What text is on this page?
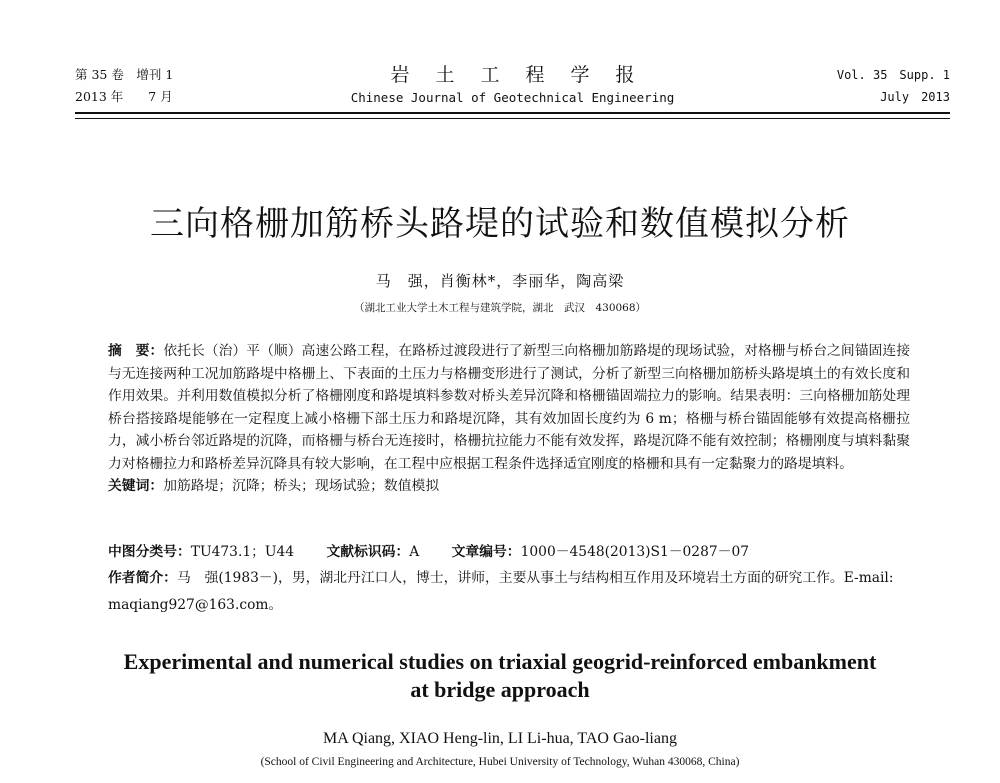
第 35 卷　增刊 1
2013 年　　7 月
岩土工程学报
Chinese Journal of Geotechnical Engineering
Vol. 35　Supp. 1
July　2013
三向格栅加筋桥头路堤的试验和数值模拟分析
马　强，肖衡林*，李丽华，陶高梁
（湖北工业大学土木工程与建筑学院，湖北　武汉　430068）
摘　要：依托长（治）平（顺）高速公路工程，在路桥过渡段进行了新型三向格栅加筋路堤的现场试验，对格栅与桥台之间锚固连接与无连接两种工况加筋路堤中格栅上、下表面的土压力与格栅变形进行了测试，分析了新型三向格栅加筋桥头路堤填土的有效长度和作用效果。并利用数值模拟分析了格栅刚度和路堤填料参数对桥头差异沉降和格栅锚固端拉力的影响。结果表明：三向格栅加筋处理桥台搭接路堤能够在一定程度上减小格栅下部土压力和路堤沉降，其有效加固长度约为 6 m；格栅与桥台锚固能够有效提高格栅拉力，减小桥台邻近路堤的沉降，而格栅与桥台无连接时，格栅抗拉能力不能有效发挥，路堤沉降不能有效控制；格栅刚度与填料黏聚力对格栅拉力和路桥差异沉降具有较大影响，在工程中应根据工程条件选择适宜刚度的格栅和具有一定黏聚力的路堤填料。
关键词：加筋路堤；沉降；桥头；现场试验；数值模拟
中图分类号：TU473.1；U44 文献标识码：A 文章编号：1000－4548(2013)S1－0287－07
作者简介：马　强(1983－)，男，湖北丹江口人，博士，讲师，主要从事土与结构相互作用及环境岩土方面的研究工作。E-mail: maqiang927@163.com。
Experimental and numerical studies on triaxial geogrid-reinforced embankment
at bridge approach
MA Qiang, XIAO Heng-lin, LI Li-hua, TAO Gao-liang
(School of Civil Engineering and Architecture, Hubei University of Technology, Wuhan 430068, China)
